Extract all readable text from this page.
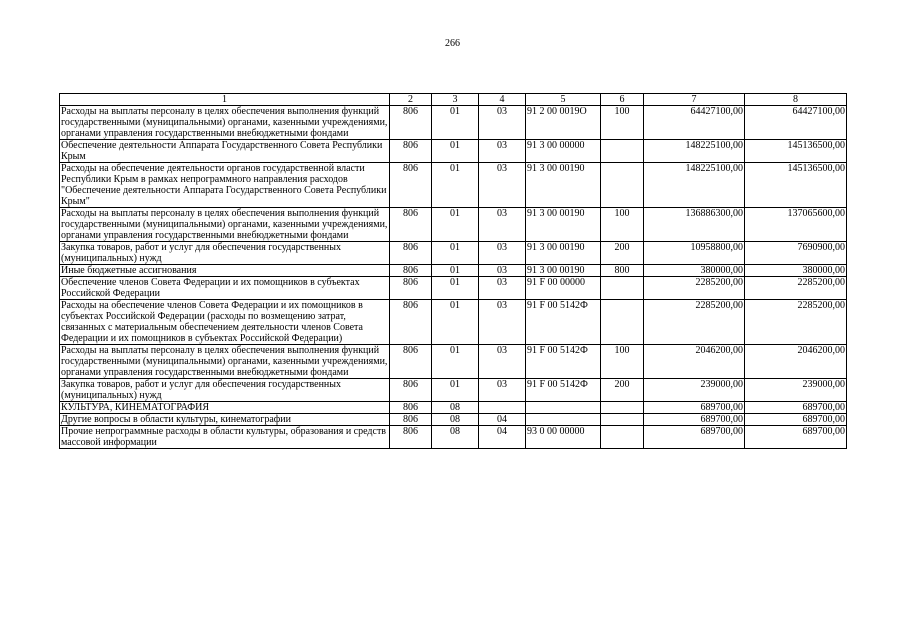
266
1	2	3	4	5	6	7	8
Расходы на выплаты персоналу в целях обеспечения выполнения функций государственными (муниципальными) органами, казенными учреждениями, органами управления государственными внебюджетными фондами	806	01	03	91 2 00 0019О	100	64427100,00	64427100,00
Обеспечение деятельности Аппарата Государственного Совета Республики Крым	806	01	03	91 3 00 00000		148225100,00	145136500,00
Расходы на обеспечение деятельности органов государственной власти Республики Крым в рамках непрограммного направления расходов "Обеспечение деятельности Аппарата Государственного Совета Республики Крым"	806	01	03	91 3 00 00190		148225100,00	145136500,00
Расходы на выплаты персоналу в целях обеспечения выполнения функций государственными (муниципальными) органами, казенными учреждениями, органами управления государственными внебюджетными фондами	806	01	03	91 3 00 00190	100	136886300,00	137065600,00
Закупка товаров, работ и услуг для обеспечения государственных (муниципальных) нужд	806	01	03	91 3 00 00190	200	10958800,00	7690900,00
Иные бюджетные ассигнования	806	01	03	91 3 00 00190	800	380000,00	380000,00
Обеспечение членов Совета Федерации и их помощников в субъектах Российской Федерации	806	01	03	91 F 00 00000		2285200,00	2285200,00
Расходы на обеспечение членов Совета Федерации и их помощников в субъектах Российской Федерации (расходы по возмещению затрат, связанных с материальным обеспечением деятельности членов Совета Федерации и их помощников в субъектах Российской Федерации)	806	01	03	91 F 00 5142Ф		2285200,00	2285200,00
Расходы на выплаты персоналу в целях обеспечения выполнения функций государственными (муниципальными) органами, казенными учреждениями, органами управления государственными внебюджетными фондами	806	01	03	91 F 00 5142Ф	100	2046200,00	2046200,00
Закупка товаров, работ и услуг для обеспечения государственных (муниципальных) нужд	806	01	03	91 F 00 5142Ф	200	239000,00	239000,00
КУЛЬТУРА, КИНЕМАТОГРАФИЯ	806	08				689700,00	689700,00
Другие вопросы в области культуры, кинематографии	806	08	04			689700,00	689700,00
Прочие непрограммные расходы в области культуры, образования и средств массовой информации	806	08	04	93 0 00 00000		689700,00	689700,00
